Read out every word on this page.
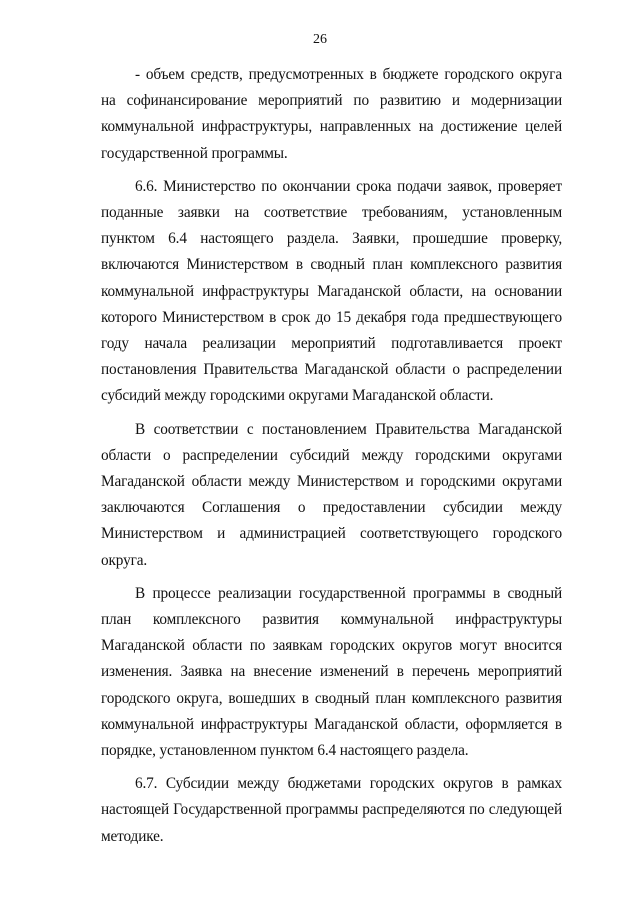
26

- объем средств, предусмотренных в бюджете городского округа на софинансирование мероприятий по развитию и модернизации коммунальной инфраструктуры, направленных на достижение целей государственной программы.

6.6. Министерство по окончании срока подачи заявок, проверяет поданные заявки на соответствие требованиям, установленным пунктом 6.4 настоящего раздела. Заявки, прошедшие проверку, включаются Министерством в сводный план комплексного развития коммунальной инфраструктуры Магаданской области, на основании которого Министерством в срок до 15 декабря года предшествующего году начала реализации мероприятий подготавливается проект постановления Правительства Магаданской области о распределении субсидий между городскими округами Магаданской области.

В соответствии с постановлением Правительства Магаданской области о распределении субсидий между городскими округами Магаданской области между Министерством и городскими округами заключаются Соглашения о предоставлении субсидии между Министерством и администрацией соответствующего городского округа.

В процессе реализации государственной программы в сводный план комплексного развития коммунальной инфраструктуры Магаданской области по заявкам городских округов могут вносится изменения. Заявка на внесение изменений в перечень мероприятий городского округа, вошедших в сводный план комплексного развития коммунальной инфраструктуры Магаданской области, оформляется в порядке, установленном пунктом 6.4 настоящего раздела.

6.7. Субсидии между бюджетами городских округов в рамках настоящей Государственной программы распределяются по следующей методике.
